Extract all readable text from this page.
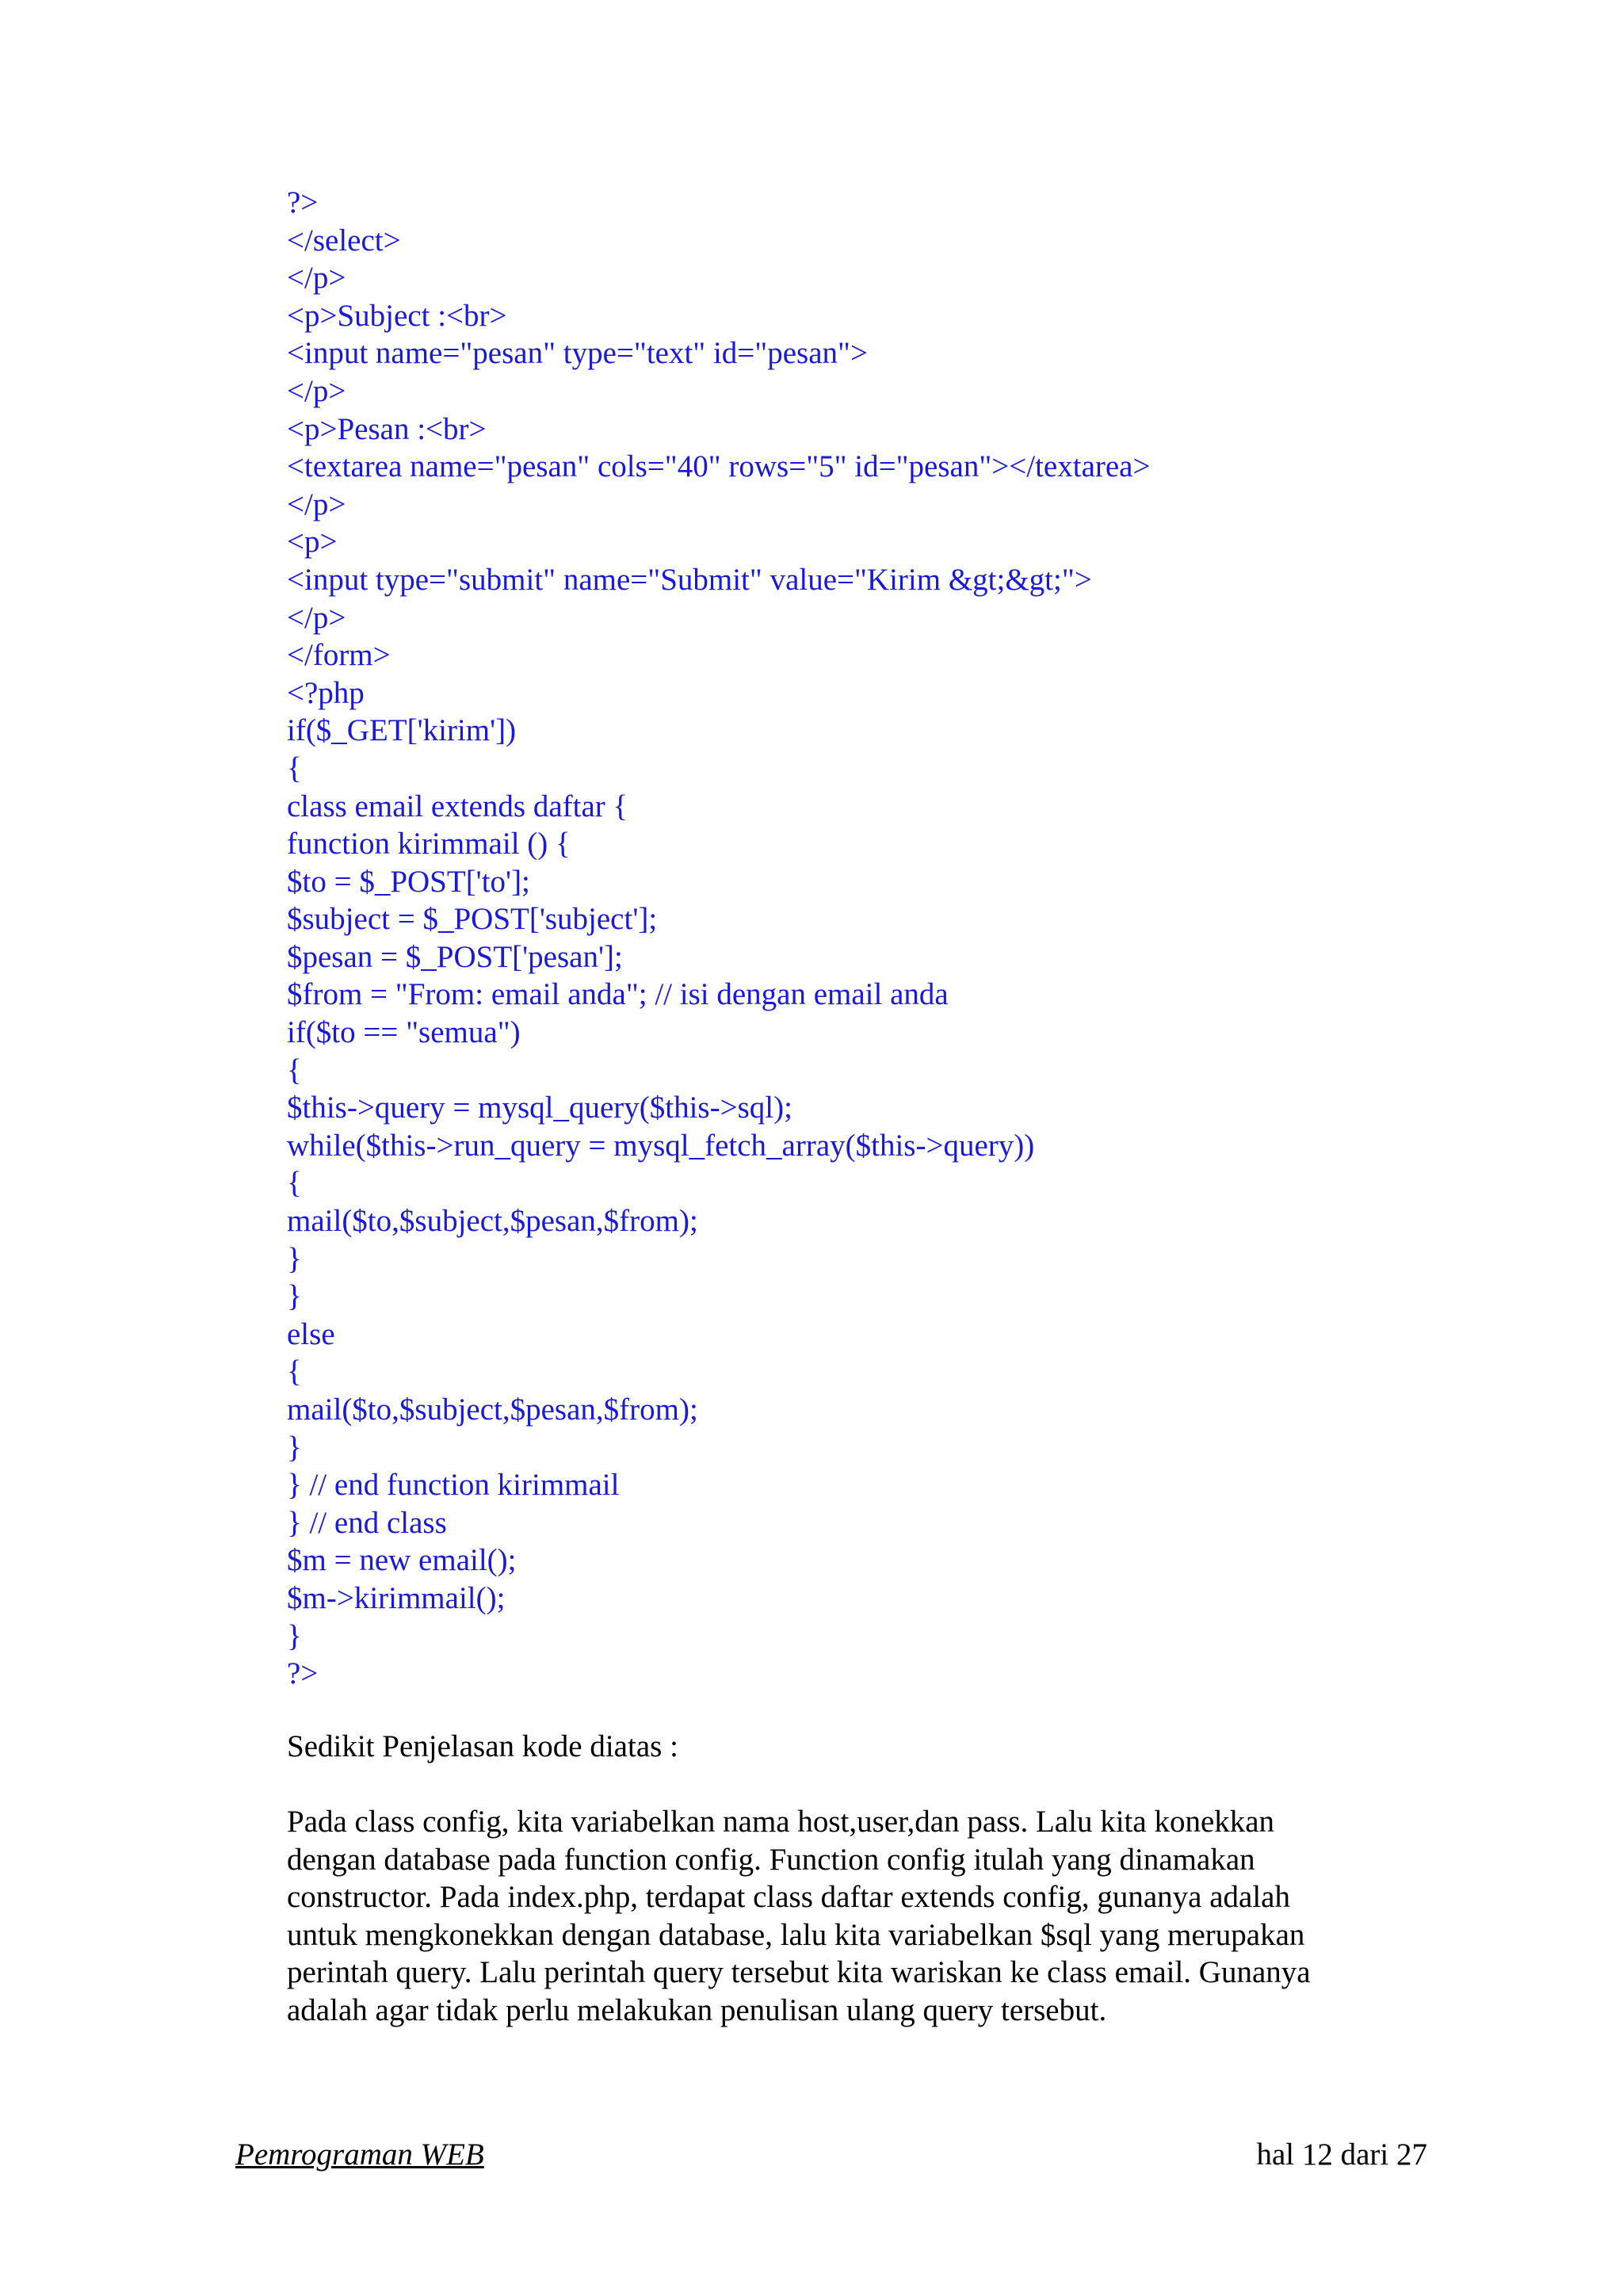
?>
</select>
</p>
<p>Subject :<br>
<input name="pesan" type="text" id="pesan">
</p>
<p>Pesan :<br>
<textarea name="pesan" cols="40" rows="5" id="pesan"></textarea>
</p>
<p>
<input type="submit" name="Submit" value="Kirim &gt;&gt;">
</p>
</form>
<?php
if($_GET['kirim'])
{
class email extends daftar {
function kirimmail () {
$to = $_POST['to'];
$subject = $_POST['subject'];
$pesan = $_POST['pesan'];
$from = "From: email anda"; // isi dengan email anda
if($to == "semua")
{
$this->query = mysql_query($this->sql);
while($this->run_query = mysql_fetch_array($this->query))
{
mail($to,$subject,$pesan,$from);
}
}
else
{
mail($to,$subject,$pesan,$from);
}
} // end function kirimmail
} // end class
$m = new email();
$m->kirimmail();
}
?>
Sedikit Penjelasan kode diatas :
Pada class config, kita variabelkan nama host,user,dan pass. Lalu kita konekkan
dengan database pada function config. Function config itulah yang dinamakan
constructor. Pada index.php, terdapat class daftar extends config, gunanya adalah
untuk mengkonekkan dengan database, lalu kita variabelkan $sql yang merupakan
perintah query. Lalu perintah query tersebut kita wariskan ke class email. Gunanya
adalah agar tidak perlu melakukan penulisan ulang query tersebut.
Pemrograman WEB	hal 12 dari 27
